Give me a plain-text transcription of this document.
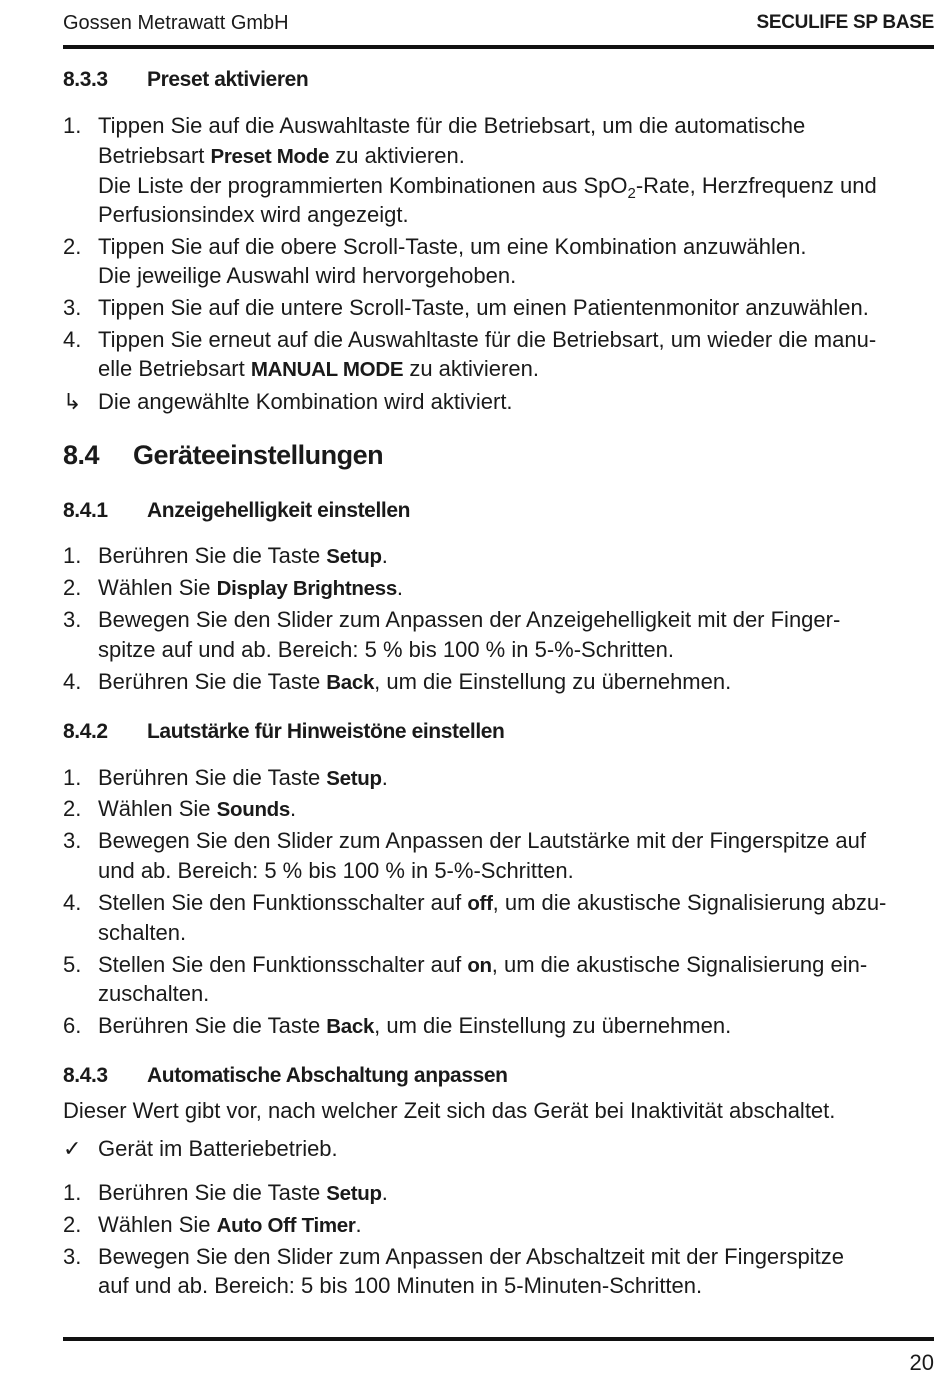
Gossen Metrawatt GmbH	SECULIFE SP BASE
8.3.3 Preset aktivieren
1. Tippen Sie auf die Auswahltaste für die Betriebsart, um die automatische
Betriebsart Preset Mode zu aktivieren.
Die Liste der programmierten Kombinationen aus SpO$_2$-Rate, Herzfrequenz und
Perfusionsindex wird angezeigt.
2. Tippen Sie auf die obere Scroll-Taste, um eine Kombination anzuwählen.
Die jeweilige Auswahl wird hervorgehoben.
3. Tippen Sie auf die untere Scroll-Taste, um einen Patientenmonitor anzuwählen.
4. Tippen Sie erneut auf die Auswahltaste für die Betriebsart, um wieder die manu-
elle Betriebsart MANUAL MODE zu aktivieren.
↳ Die angewählte Kombination wird aktiviert.
8.4 Geräteeinstellungen
8.4.1 Anzeigehelligkeit einstellen
1. Berühren Sie die Taste Setup.
2. Wählen Sie Display Brightness.
3. Bewegen Sie den Slider zum Anpassen der Anzeigehelligkeit mit der Finger-
spitze auf und ab. Bereich: 5 % bis 100 % in 5-%-Schritten.
4. Berühren Sie die Taste Back, um die Einstellung zu übernehmen.
8.4.2 Lautstärke für Hinweistöne einstellen
1. Berühren Sie die Taste Setup.
2. Wählen Sie Sounds.
3. Bewegen Sie den Slider zum Anpassen der Lautstärke mit der Fingerspitze auf
und ab. Bereich: 5 % bis 100 % in 5-%-Schritten.
4. Stellen Sie den Funktionsschalter auf off, um die akustische Signalisierung abzu-
schalten.
5. Stellen Sie den Funktionsschalter auf on, um die akustische Signalisierung ein-
zuschalten.
6. Berühren Sie die Taste Back, um die Einstellung zu übernehmen.
8.4.3 Automatische Abschaltung anpassen
Dieser Wert gibt vor, nach welcher Zeit sich das Gerät bei Inaktivität abschaltet.
✓ Gerät im Batteriebetrieb.
1. Berühren Sie die Taste Setup.
2. Wählen Sie Auto Off Timer.
3. Bewegen Sie den Slider zum Anpassen der Abschaltzeit mit der Fingerspitze
auf und ab. Bereich: 5 bis 100 Minuten in 5-Minuten-Schritten.
20
